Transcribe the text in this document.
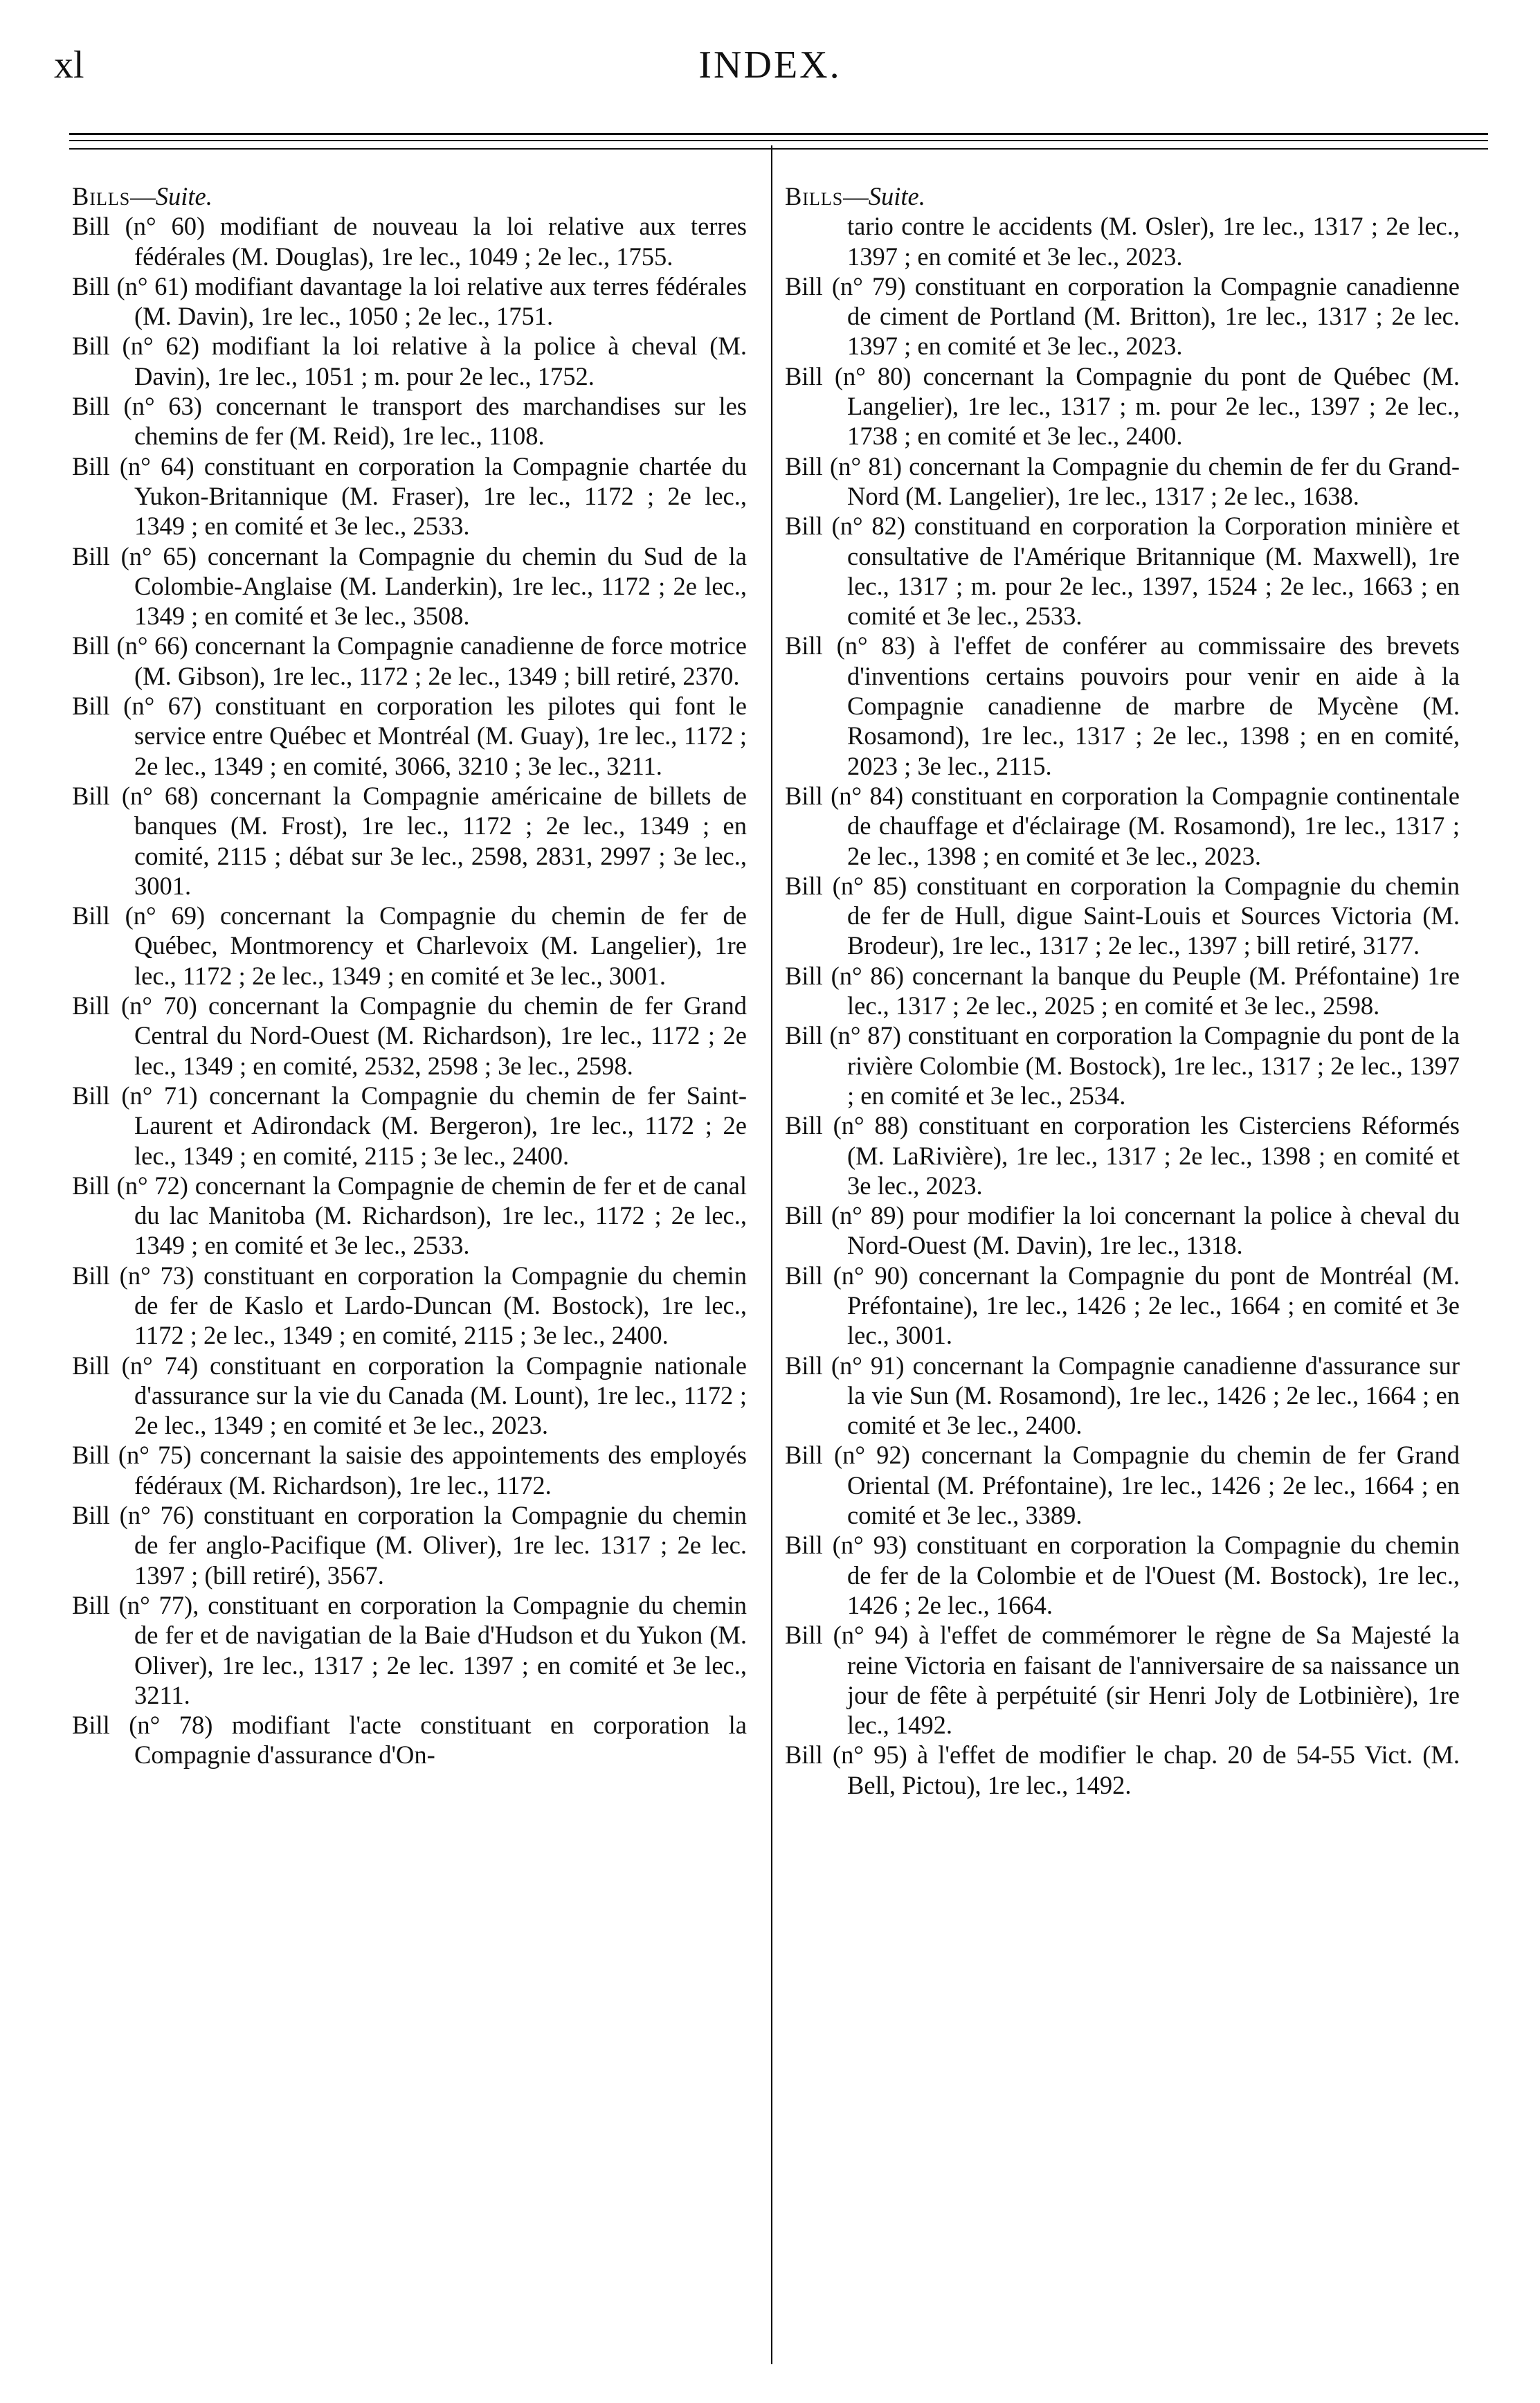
xl	INDEX.

Bills—Suite.

Bill (n° 60) modifiant de nouveau la loi relative aux terres fédérales (M. Douglas), 1re lec., 1049 ; 2e lec., 1755.

Bill (n° 61) modifiant davantage la loi relative aux terres fédérales (M. Davin), 1re lec., 1050 ; 2e lec., 1751.

Bill (n° 62) modifiant la loi relative à la police à cheval (M. Davin), 1re lec., 1051 ; m. pour 2e lec., 1752.

Bill (n° 63) concernant le transport des marchandises sur les chemins de fer (M. Reid), 1re lec., 1108.

Bill (n° 64) constituant en corporation la Compagnie chartée du Yukon-Britannique (M. Fraser), 1re lec., 1172 ; 2e lec., 1349 ; en comité et 3e lec., 2533.

Bill (n° 65) concernant la Compagnie du chemin du Sud de la Colombie-Anglaise (M. Landerkin), 1re lec., 1172 ; 2e lec., 1349 ; en comité et 3e lec., 3508.

Bill (n° 66) concernant la Compagnie canadienne de force motrice (M. Gibson), 1re lec., 1172 ; 2e lec., 1349 ; bill retiré, 2370.

Bill (n° 67) constituant en corporation les pilotes qui font le service entre Québec et Montréal (M. Guay), 1re lec., 1172 ; 2e lec., 1349 ; en comité, 3066, 3210 ; 3e lec., 3211.

Bill (n° 68) concernant la Compagnie américaine de billets de banques (M. Frost), 1re lec., 1172 ; 2e lec., 1349 ; en comité, 2115 ; débat sur 3e lec., 2598, 2831, 2997 ; 3e lec., 3001.

Bill (n° 69) concernant la Compagnie du chemin de fer de Québec, Montmorency et Charlevoix (M. Langelier), 1re lec., 1172 ; 2e lec., 1349 ; en comité et 3e lec., 3001.

Bill (n° 70) concernant la Compagnie du chemin de fer Grand Central du Nord-Ouest (M. Richardson), 1re lec., 1172 ; 2e lec., 1349 ; en comité, 2532, 2598 ; 3e lec., 2598.

Bill (n° 71) concernant la Compagnie du chemin de fer Saint-Laurent et Adirondack (M. Bergeron), 1re lec., 1172 ; 2e lec., 1349 ; en comité, 2115 ; 3e lec., 2400.

Bill (n° 72) concernant la Compagnie de chemin de fer et de canal du lac Manitoba (M. Richardson), 1re lec., 1172 ; 2e lec., 1349 ; en comité et 3e lec., 2533.

Bill (n° 73) constituant en corporation la Compagnie du chemin de fer de Kaslo et Lardo-Duncan (M. Bostock), 1re lec., 1172 ; 2e lec., 1349 ; en comité, 2115 ; 3e lec., 2400.

Bill (n° 74) constituant en corporation la Compagnie nationale d'assurance sur la vie du Canada (M. Lount), 1re lec., 1172 ; 2e lec., 1349 ; en comité et 3e lec., 2023.

Bill (n° 75) concernant la saisie des appointements des employés fédéraux (M. Richardson), 1re lec., 1172.

Bill (n° 76) constituant en corporation la Compagnie du chemin de fer anglo-Pacifique (M. Oliver), 1re lec. 1317 ; 2e lec. 1397 ; (bill retiré), 3567.

Bill (n° 77), constituant en corporation la Compagnie du chemin de fer et de navigatian de la Baie d'Hudson et du Yukon (M. Oliver), 1re lec., 1317 ; 2e lec. 1397 ; en comité et 3e lec., 3211.

Bill (n° 78) modifiant l'acte constituant en corporation la Compagnie d'assurance d'On-

Bills—Suite.

tario contre le accidents (M. Osler), 1re lec., 1317 ; 2e lec., 1397 ; en comité et 3e lec., 2023.

Bill (n° 79) constituant en corporation la Compagnie canadienne de ciment de Portland (M. Britton), 1re lec., 1317 ; 2e lec. 1397 ; en comité et 3e lec., 2023.

Bill (n° 80) concernant la Compagnie du pont de Québec (M. Langelier), 1re lec., 1317 ; m. pour 2e lec., 1397 ; 2e lec., 1738 ; en comité et 3e lec., 2400.

Bill (n° 81) concernant la Compagnie du chemin de fer du Grand-Nord (M. Langelier), 1re lec., 1317 ; 2e lec., 1638.

Bill (n° 82) constituand en corporation la Corporation minière et consultative de l'Amérique Britannique (M. Maxwell), 1re lec., 1317 ; m. pour 2e lec., 1397, 1524 ; 2e lec., 1663 ; en comité et 3e lec., 2533.

Bill (n° 83) à l'effet de conférer au commissaire des brevets d'inventions certains pouvoirs pour venir en aide à la Compagnie canadienne de marbre de Mycène (M. Rosamond), 1re lec., 1317 ; 2e lec., 1398 ; en en comité, 2023 ; 3e lec., 2115.

Bill (n° 84) constituant en corporation la Compagnie continentale de chauffage et d'éclairage (M. Rosamond), 1re lec., 1317 ; 2e lec., 1398 ; en comité et 3e lec., 2023.

Bill (n° 85) constituant en corporation la Compagnie du chemin de fer de Hull, digue Saint-Louis et Sources Victoria (M. Brodeur), 1re lec., 1317 ; 2e lec., 1397 ; bill retiré, 3177.

Bill (n° 86) concernant la banque du Peuple (M. Préfontaine) 1re lec., 1317 ; 2e lec., 2025 ; en comité et 3e lec., 2598.

Bill (n° 87) constituant en corporation la Compagnie du pont de la rivière Colombie (M. Bostock), 1re lec., 1317 ; 2e lec., 1397 ; en comité et 3e lec., 2534.

Bill (n° 88) constituant en corporation les Cisterciens Réformés (M. LaRivière), 1re lec., 1317 ; 2e lec., 1398 ; en comité et 3e lec., 2023.

Bill (n° 89) pour modifier la loi concernant la police à cheval du Nord-Ouest (M. Davin), 1re lec., 1318.

Bill (n° 90) concernant la Compagnie du pont de Montréal (M. Préfontaine), 1re lec., 1426 ; 2e lec., 1664 ; en comité et 3e lec., 3001.

Bill (n° 91) concernant la Compagnie canadienne d'assurance sur la vie Sun (M. Rosamond), 1re lec., 1426 ; 2e lec., 1664 ; en comité et 3e lec., 2400.

Bill (n° 92) concernant la Compagnie du chemin de fer Grand Oriental (M. Préfontaine), 1re lec., 1426 ; 2e lec., 1664 ; en comité et 3e lec., 3389.

Bill (n° 93) constituant en corporation la Compagnie du chemin de fer de la Colombie et de l'Ouest (M. Bostock), 1re lec., 1426 ; 2e lec., 1664.

Bill (n° 94) à l'effet de commémorer le règne de Sa Majesté la reine Victoria en faisant de l'anniversaire de sa naissance un jour de fête à perpétuité (sir Henri Joly de Lotbinière), 1re lec., 1492.

Bill (n° 95) à l'effet de modifier le chap. 20 de 54-55 Vict. (M. Bell, Pictou), 1re lec., 1492.
